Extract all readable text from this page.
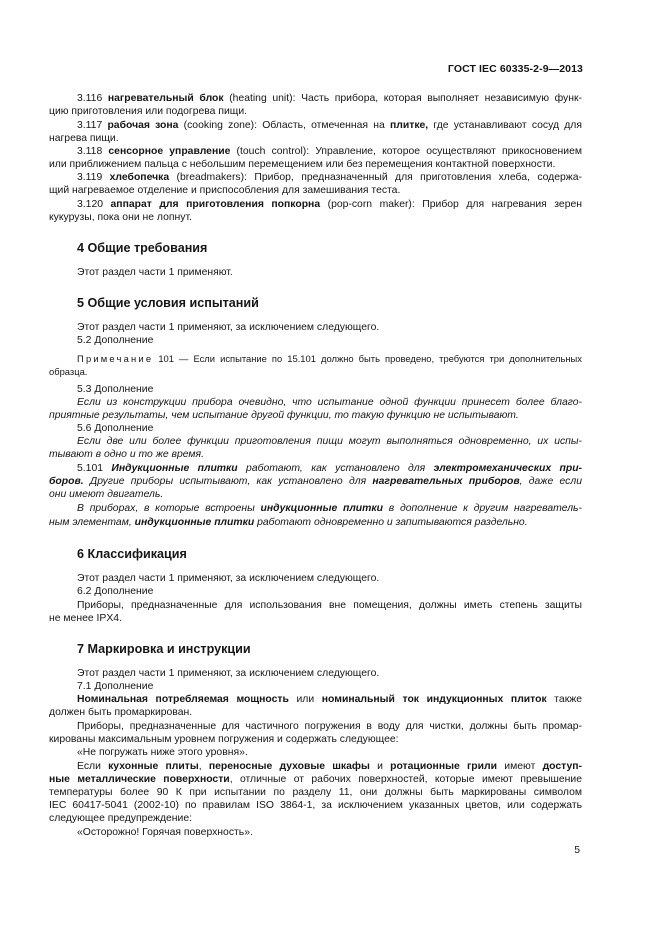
ГОСТ IEC 60335-2-9—2013
3.116 нагревательный блок (heating unit): Часть прибора, которая выполняет независимую функ-
цию приготовления или подогрева пищи.
3.117 рабочая зона (cooking zone): Область, отмеченная на плитке, где устанавливают сосуд для
нагрева пищи.
3.118 сенсорное управление (touch control): Управление, которое осуществляют прикосновением
или приближением пальца с небольшим перемещением или без перемещения контактной поверхности.
3.119 хлебопечка (breadmakers): Прибор, предназначенный для приготовления хлеба, содержа-
щий нагреваемое отделение и приспособления для замешивания теста.
3.120 аппарат для приготовления попкорна (pop-corn maker): Прибор для нагревания зерен
кукурузы, пока они не лопнут.
4 Общие требования
Этот раздел части 1 применяют.
5 Общие условия испытаний
Этот раздел части 1 применяют, за исключением следующего.
5.2 Дополнение
Примечание 101 — Если испытание по 15.101 должно быть проведено, требуются три дополнительных
образца.
5.3 Дополнение
Если из конструкции прибора очевидно, что испытание одной функции принесет более благо-
приятные результаты, чем испытание другой функции, то такую функцию не испытывают.
5.6 Дополнение
Если две или более функции приготовления пищи могут выполняться одновременно, их испы-
тывают в одно и то же время.
5.101 Индукционные плитки работают, как установлено для электромеханических при-
боров. Другие приборы испытывают, как установлено для нагревательных приборов, даже если
они имеют двигатель.
В приборах, в которые встроены индукционные плитки в дополнение к другим нагреватель-
ным элементам, индукционные плитки работают одновременно и запитываются раздельно.
6 Классификация
Этот раздел части 1 применяют, за исключением следующего.
6.2 Дополнение
Приборы, предназначенные для использования вне помещения, должны иметь степень защиты
не менее IPX4.
7 Маркировка и инструкции
Этот раздел части 1 применяют, за исключением следующего.
7.1 Дополнение
Номинальная потребляемая мощность или номинальный ток индукционных плиток также
должен быть промаркирован.
Приборы, предназначенные для частичного погружения в воду для чистки, должны быть промар-
кированы максимальным уровнем погружения и содержать следующее:
«Не погружать ниже этого уровня».
Если кухонные плиты, переносные духовые шкафы и ротационные грили имеют доступ-
ные металлические поверхности, отличные от рабочих поверхностей, которые имеют превышение
температуры более 90 К при испытании по разделу 11, они должны быть маркированы символом
IEC 60417-5041 (2002-10) по правилам ISO 3864-1, за исключением указанных цветов, или содержать
следующее предупреждение:
«Осторожно! Горячая поверхность».
5
